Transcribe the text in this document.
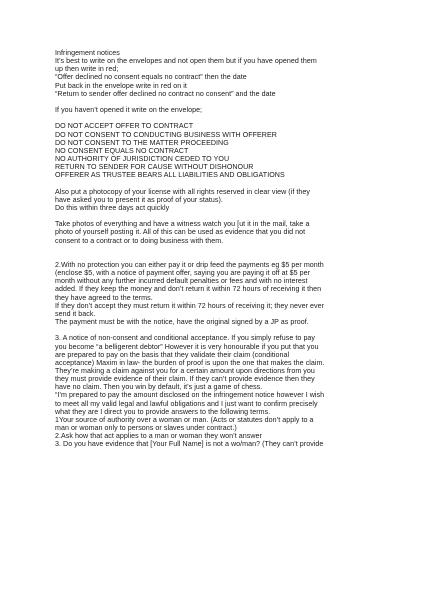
Infringement notices
It’s best to write on the envelopes and not open them but if you have opened them
up then write in red;
“Offer declined no consent equals no contract” then the date
Put back in the envelope write in red on it
“Return to sender offer declined no contract no consent” and the date
If you haven’t opened it write on the envelope;
DO NOT ACCEPT OFFER TO CONTRACT
DO NOT CONSENT TO CONDUCTING BUSINESS WITH OFFERER
DO NOT CONSENT TO THE MATTER PROCEEDING
NO CONSENT EQUALS NO CONTRACT
NO AUTHORITY OF JURISDICTION CEDED TO YOU
RETURN TO SENDER FOR CAUSE WITHOUT DISHONOUR
OFFERER AS TRUSTEE BEARS ALL LIABILITIES AND OBLIGATIONS
Also put a photocopy of your license with all rights reserved in clear view (if they
have asked you to present it as proof of your status).
Do this within three days act quickly
Take photos of everything and have a witness watch you [ut it in the mail, take a
photo of yourself posting it. All of this can be used as evidence that you did not
consent to a contract or to doing business with them.
2.With no protection you can either pay it or drip feed the payments eg $5 per month
(enclose $5, with a notice of payment offer, saying you are paying it off at $5 per
month without any further incurred default penalties or fees and with no interest
added. If they keep the money and don’t return it within 72 hours of receiving it then
they have agreed to the terms.
If they don’t accept they must return it within 72 hours of receiving it; they never ever
send it back.
The payment must be with the notice, have the original signed by a JP as proof.
3. A notice of non-consent and conditional acceptance. If you simply refuse to pay
you become “a belligerent debtor” However it is very honourable if you put that you
are prepared to pay on the basis that they validate their claim (conditional
acceptance) Maxim in law- the burden of proof is upon the one that makes the claim.
They’re making a claim against you for a certain amount upon directions from you
they must provide evidence of their claim. If they can’t provide evidence then they
have no claim. Then you win by default, it’s just a game of chess.
“I’m prepared to pay the amount disclosed on the infringement notice however I wish
to meet all my valid legal and lawful obligations and I just want to confirm precisely
what they are I direct you to provide answers to the following terms.
1Your source of authority over a woman or man. (Acts or statutes don’t apply to a
man or woman only to persons or slaves under contract.)
2.Ask how that act applies to a man or woman they won’t answer
3. Do you have evidence that [Your Full Name] is not a wo/man? (They can’t provide
